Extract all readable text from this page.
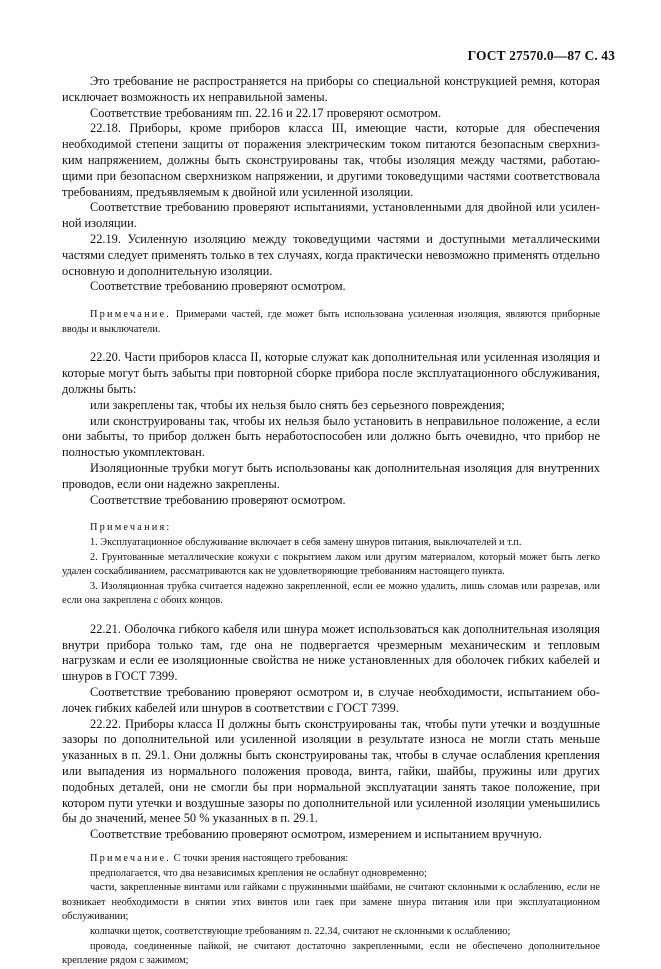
ГОСТ 27570.0—87 С. 43

Это требование не распространяется на приборы со специальной конструкцией ремня, которая исключает возможность их неправильной замены.

Соответствие требованиям пп. 22.16 и 22.17 проверяют осмотром.

22.18. Приборы, кроме приборов класса III, имеющие части, которые для обеспечения необходимой степени защиты от поражения электрическим током питаются безопасным сверхнизким напряжением, должны быть сконструированы так, чтобы изоляция между частями, работающими при безопасном сверхнизком напряжении, и другими токоведущими частями соответствовала требованиям, предъявляемым к двойной или усиленной изоляции.

Соответствие требованию проверяют испытаниями, установленными для двойной или усиленной изоляции.

22.19. Усиленную изоляцию между токоведущими частями и доступными металлическими частями следует применять только в тех случаях, когда практически невозможно применять отдельно основную и дополнительную изоляции.

Соответствие требованию проверяют осмотром.

Примечание. Примерами частей, где может быть использована усиленная изоляция, являются приборные вводы и выключатели.

22.20. Части приборов класса II, которые служат как дополнительная или усиленная изоляция и которые могут быть забыты при повторной сборке прибора после эксплуатационного обслуживания, должны быть:

или закреплены так, чтобы их нельзя было снять без серьезного повреждения;

или сконструированы так, чтобы их нельзя было установить в неправильное положение, а если они забыты, то прибор должен быть неработоспособен или должно быть очевидно, что прибор не полностью укомплектован.

Изоляционные трубки могут быть использованы как дополнительная изоляция для внутренних проводов, если они надежно закреплены.

Соответствие требованию проверяют осмотром.

Примечания:

1. Эксплуатационное обслуживание включает в себя замену шнуров питания, выключателей и т.п.

2. Грунтованные металлические кожухи с покрытием лаком или другим материалом, который может быть легко удален соскабливанием, рассматриваются как не удовлетворяющие требованиям настоящего пункта.

3. Изоляционная трубка считается надежно закрепленной, если ее можно удалить, лишь сломав или разрезав, или если она закреплена с обоих концов.

22.21. Оболочка гибкого кабеля или шнура может использоваться как дополнительная изоляция внутри прибора только там, где она не подвергается чрезмерным механическим и тепловым нагрузкам и если ее изоляционные свойства не ниже установленных для оболочек гибких кабелей и шнуров в ГОСТ 7399.

Соответствие требованию проверяют осмотром и, в случае необходимости, испытанием оболочек гибких кабелей или шнуров в соответствии с ГОСТ 7399.

22.22. Приборы класса II должны быть сконструированы так, чтобы пути утечки и воздушные зазоры по дополнительной или усиленной изоляции в результате износа не могли стать меньше указанных в п. 29.1. Они должны быть сконструированы так, чтобы в случае ослабления крепления или выпадения из нормального положения провода, винта, гайки, шайбы, пружины или других подобных деталей, они не смогли бы при нормальной эксплуатации занять такое положение, при котором пути утечки и воздушные зазоры по дополнительной или усиленной изоляции уменьшились бы до значений, менее 50 % указанных в п. 29.1.

Соответствие требованию проверяют осмотром, измерением и испытанием вручную.

Примечание. С точки зрения настоящего требования:

предполагается, что два независимых крепления не ослабнут одновременно;

части, закрепленные винтами или гайками с пружинными шайбами, не считают склонными к ослаблению, если не возникает необходимости в снятии этих винтов или гаек при замене шнура питания или при эксплуатационном обслуживании;

колпачки щеток, соответствующие требованиям п. 22.34, считают не склонными к ослаблению;

провода, соединенные пайкой, не считают достаточно закрепленными, если не обеспечено дополнительное крепление рядом с зажимом;
